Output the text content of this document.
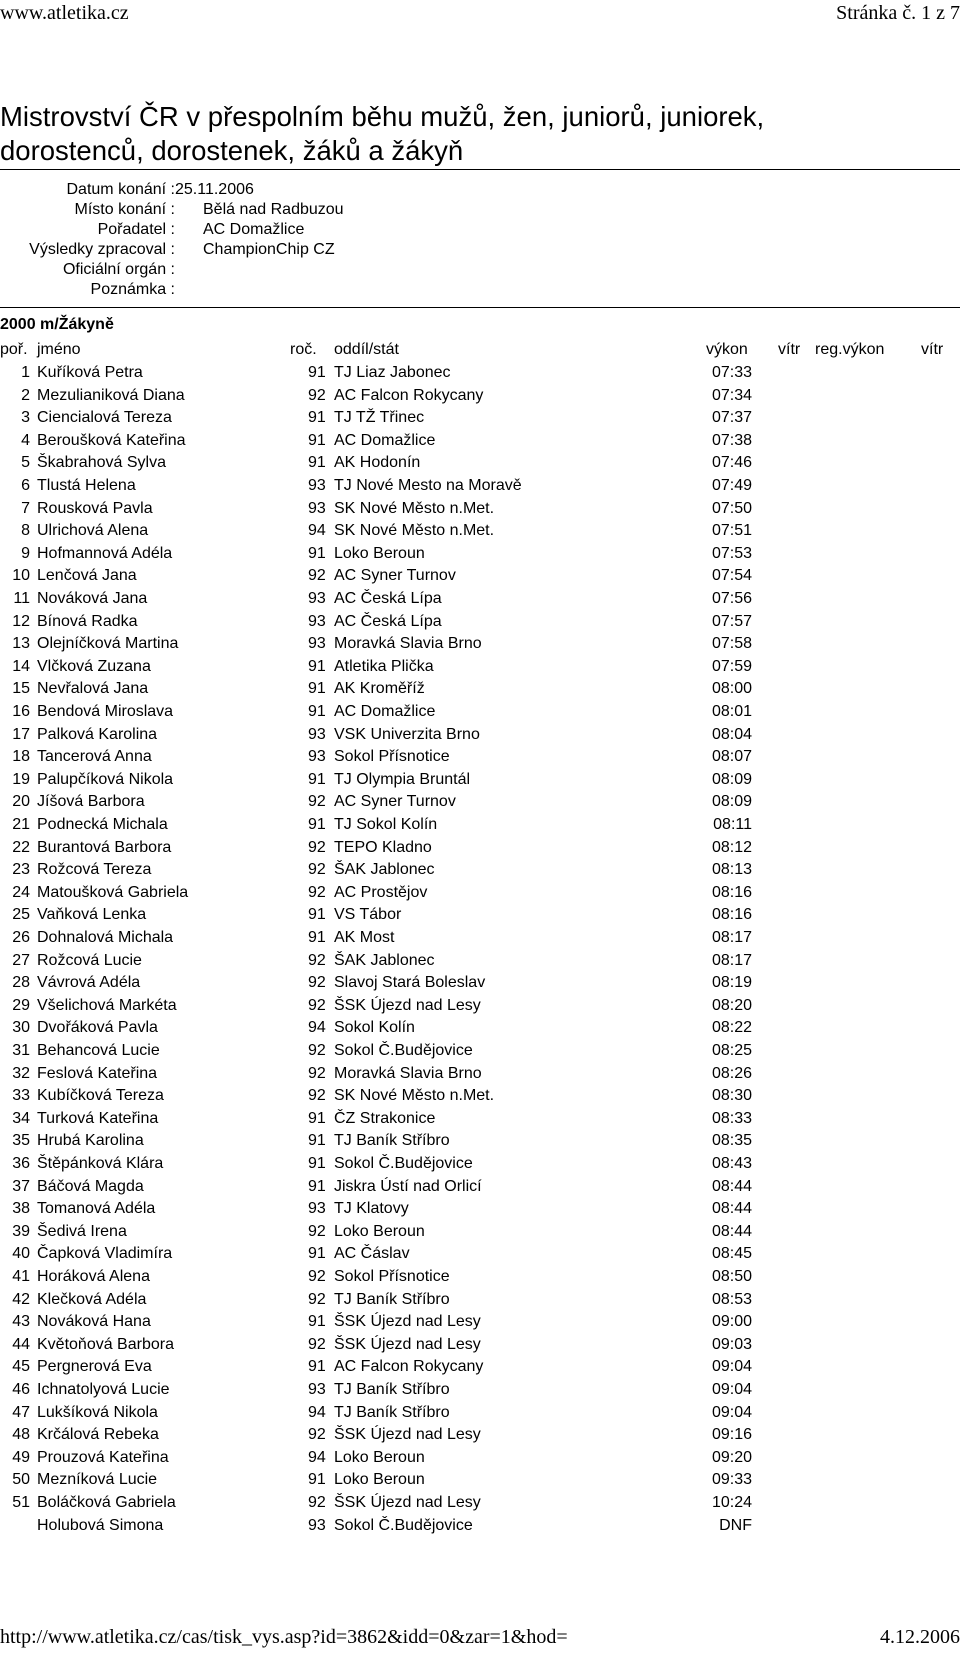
www.atletika.cz	Stránka č. 1 z 7
Mistrovství ČR v přespolním běhu mužů, žen, juniorů, juniorek,
dorostenců, dorostenek, žáků a žákyň
Datum konání : 25.11.2006
Místo konání : Bělá nad Radbuzou
Pořadatel : AC Domažlice
Výsledky zpracoval : ChampionChip CZ
Oficiální orgán :
Poznámka :
2000 m/Žákyně
poř. jméno	roč. oddíl/stát	výkon vítr reg.výkon vítr
1 Kuříková Petra	91 TJ Liaz Jabonec	07:33
2 Mezulianiková Diana	92 AC Falcon Rokycany	07:34
3 Ciencialová Tereza	91 TJ TŽ Třinec	07:37
4 Beroušková Kateřina	91 AC Domažlice	07:38
5 Škabrahová Sylva	91 AK Hodonín	07:46
6 Tlustá Helena	93 TJ Nové Mesto na Moravě	07:49
7 Rousková Pavla	93 SK Nové Město n.Met.	07:50
8 Ulrichová Alena	94 SK Nové Město n.Met.	07:51
9 Hofmannová Adéla	91 Loko Beroun	07:53
10 Lenčová Jana	92 AC Syner Turnov	07:54
11 Nováková Jana	93 AC Česká Lípa	07:56
12 Bínová Radka	93 AC Česká Lípa	07:57
13 Olejníčková Martina	93 Moravká Slavia Brno	07:58
14 Vlčková Zuzana	91 Atletika Plička	07:59
15 Nevřalová Jana	91 AK Kroměříž	08:00
16 Bendová Miroslava	91 AC Domažlice	08:01
17 Palková Karolina	93 VSK Univerzita Brno	08:04
18 Tancerová Anna	93 Sokol Přísnotice	08:07
19 Palupčíková Nikola	91 TJ Olympia Bruntál	08:09
20 Jíšová Barbora	92 AC Syner Turnov	08:09
21 Podnecká Michala	91 TJ Sokol Kolín	08:11
22 Burantová Barbora	92 TEPO Kladno	08:12
23 Rožcová Tereza	92 ŠAK Jablonec	08:13
24 Matoušková Gabriela	92 AC Prostějov	08:16
25 Vaňková Lenka	91 VS Tábor	08:16
26 Dohnalová Michala	91 AK Most	08:17
27 Rožcová Lucie	92 ŠAK Jablonec	08:17
28 Vávrová Adéla	92 Slavoj Stará Boleslav	08:19
29 Všelichová Markéta	92 ŠSK Újezd nad Lesy	08:20
30 Dvořáková Pavla	94 Sokol Kolín	08:22
31 Behancová Lucie	92 Sokol Č.Budějovice	08:25
32 Feslová Kateřina	92 Moravká Slavia Brno	08:26
33 Kubíčková Tereza	92 SK Nové Město n.Met.	08:30
34 Turková Kateřina	91 ČZ Strakonice	08:33
35 Hrubá Karolina	91 TJ Baník Stříbro	08:35
36 Štěpánková Klára	91 Sokol Č.Budějovice	08:43
37 Báčová Magda	91 Jiskra Ústí nad Orlicí	08:44
38 Tomanová Adéla	93 TJ Klatovy	08:44
39 Šedivá Irena	92 Loko Beroun	08:44
40 Čapková Vladimíra	91 AC Čáslav	08:45
41 Horáková Alena	92 Sokol Přísnotice	08:50
42 Klečková Adéla	92 TJ Baník Stříbro	08:53
43 Nováková Hana	91 ŠSK Újezd nad Lesy	09:00
44 Květoňová Barbora	92 ŠSK Újezd nad Lesy	09:03
45 Pergnerová Eva	91 AC Falcon Rokycany	09:04
46 Ichnatolyová Lucie	93 TJ Baník Stříbro	09:04
47 Lukšíková Nikola	94 TJ Baník Stříbro	09:04
48 Krčálová Rebeka	92 ŠSK Újezd nad Lesy	09:16
49 Prouzová Kateřina	94 Loko Beroun	09:20
50 Mezníková Lucie	91 Loko Beroun	09:33
51 Boláčková Gabriela	92 ŠSK Újezd nad Lesy	10:24
Holubová Simona	93 Sokol Č.Budějovice	DNF
http://www.atletika.cz/cas/tisk_vys.asp?id=3862&idd=0&zar=1&hod=	4.12.2006
